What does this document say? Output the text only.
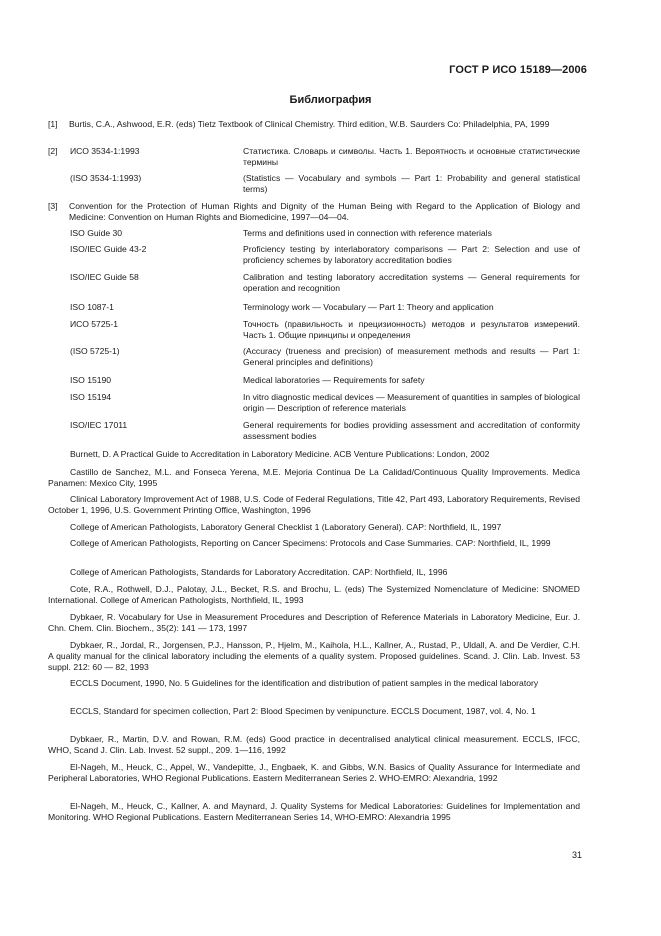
ГОСТ Р ИСО 15189—2006
Библиография
[1]	Burtis, C.A., Ashwood, E.R. (eds) Tietz Textbook of Clinical Chemistry. Third edition, W.B. Saurders Co: Philadelphia, PA, 1999
[2]	ИСО 3534-1:1993	Статистика. Словарь и символы. Часть 1. Вероятность и основные статистические термины
(ISO 3534-1:1993)	(Statistics — Vocabulary and symbols — Part 1: Probability and general statistical terms)
[3]	Convention for the Protection of Human Rights and Dignity of the Human Being with Regard to the Application of Biology and Medicine: Convention on Human Rights and Biomedicine, 1997—04—04.
ISO Guide 30	Terms and definitions used in connection with reference materials
ISO/IEC Guide 43-2	Proficiency testing by interlaboratory comparisons — Part 2: Selection and use of proficiency schemes by laboratory accreditation bodies
ISO/IEC Guide 58	Calibration and testing laboratory accreditation systems — General requirements for operation and recognition
ISO 1087-1	Terminology work — Vocabulary — Part 1: Theory and application
ИСО 5725-1	Точность (правильность и прецизионность) методов и результатов измерений. Часть 1. Общие принципы и определения
(ISO 5725-1)	(Accuracy (trueness and precision) of measurement methods and results — Part 1: General principles and definitions)
ISO 15190	Medical laboratories — Requirements for safety
ISO 15194	In vitro diagnostic medical devices — Measurement of quantities in samples of biological origin — Description of reference materials
ISO/IEC 17011	General requirements for bodies providing assessment and accreditation of conformity assessment bodies
Burnett, D. A Practical Guide to Accreditation in Laboratory Medicine. ACB Venture Publications: London, 2002
Castillo de Sanchez, M.L. and Fonseca Yerena, M.E. Mejoria Continua De La Calidad/Continuous Quality Improvements. Medica Panamen: Mexico City, 1995
Clinical Laboratory Improvement Act of 1988, U.S. Code of Federal Regulations, Title 42, Part 493, Laboratory Requirements, Revised October 1, 1996, U.S. Government Printing Office, Washington, 1996
College of American Pathologists, Laboratory General Checklist 1 (Laboratory General). CAP: Northfield, IL, 1997
College of American Pathologists, Reporting on Cancer Specimens: Protocols and Case Summaries. CAP: Northfield, IL, 1999
College of American Pathologists, Standards for Laboratory Accreditation. CAP: Northfield, IL, 1996
Cote, R.A., Rothwell, D.J., Palotay, J.L., Becket, R.S. and Brochu, L. (eds) The Systemized Nomenclature of Medicine: SNOMED International. College of American Pathologists, Northfield, IL, 1993
Dybkaer, R. Vocabulary for Use in Measurement Procedures and Description of Reference Materials in Laboratory Medicine, Eur. J. Chn. Chem. Clin. Biochem., 35(2): 141 — 173, 1997
Dybkaer, R., Jordal, R., Jorgensen, P.J., Hansson, P., Hjelm, M., Kaihola, H.L., Kallner, A., Rustad, P., Uldall, A. and De Verdier, C.H. A quality manual for the clinical laboratory including the elements of a quality system. Proposed guidelines. Scand. J. Clin. Lab. Invest. 53 suppl. 212: 60 — 82, 1993
ECCLS Document, 1990, No. 5 Guidelines for the identification and distribution of patient samples in the medical laboratory
ECCLS, Standard for specimen collection, Part 2: Blood Specimen by venipuncture. ECCLS Document, 1987, vol. 4, No. 1
Dybkaer, R., Martin, D.V. and Rowan, R.M. (eds) Good practice in decentralised analytical clinical measurement. ECCLS, IFCC, WHO, Scand J. Clin. Lab. Invest. 52 suppl., 209. 1—116, 1992
El-Nageh, M., Heuck, C., Appel, W., Vandepitte, J., Engbaek, K. and Gibbs, W.N. Basics of Quality Assurance for Intermediate and Peripheral Laboratories, WHO Regional Publications. Eastern Mediterranean Series 2. WHO-EMRO: Alexandria, 1992
El-Nageh, M., Heuck, C., Kallner, A. and Maynard, J. Quality Systems for Medical Laboratories: Guidelines for Implementation and Monitoring. WHO Regional Publications. Eastern Mediterranean Series 14, WHO-EMRO: Alexandria 1995
31
